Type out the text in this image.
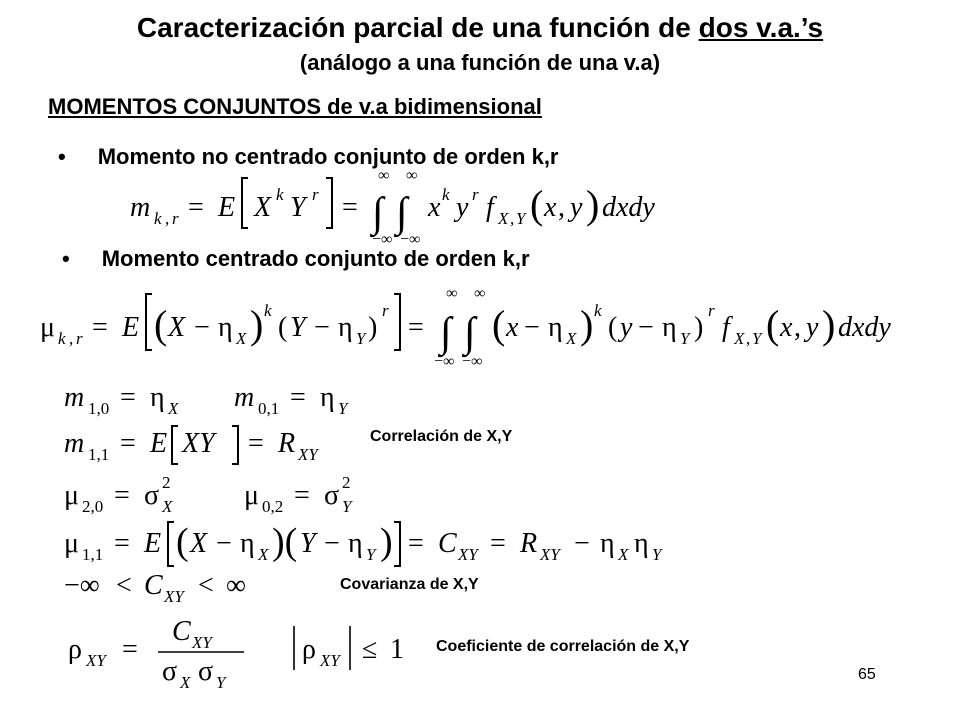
Caracterización parcial de una función de dos v.a.’s
(análogo a una función de una v.a)
MOMENTOS CONJUNTOS de v.a bidimensional
• Momento no centrado conjunto de orden k,r
m k , r = E X k Y r =
∞ ∞
∫ ∫
−∞ −∞
x k y r f X , Y ( x , y ) dxdy
• Momento centrado conjunto de orden k,r
μ k , r = E ( X − η X ) k
( Y − η Y )
r
=
∞ ∞
∫ ∫
−∞ −∞
( x − η X ) k
( y − η Y )
r
f X , Y ( x , y ) dxdy
m 1,0 = η X m 0,1 = η Y
m 1,1 = E XY = R XY
Correlación de X,Y
μ 2,0 = σ 2
X	μ 0,2 = σ 2
Y
μ 1,1 = E ( X − η X )( Y − η Y ) = C XY = R XY − η X η Y
−∞ < C XY < ∞	Covarianza de X,Y
ρ XY =
C XY
σ X σ Y
ρ XY ≤ 1 Coeficiente de correlación de X,Y
65
